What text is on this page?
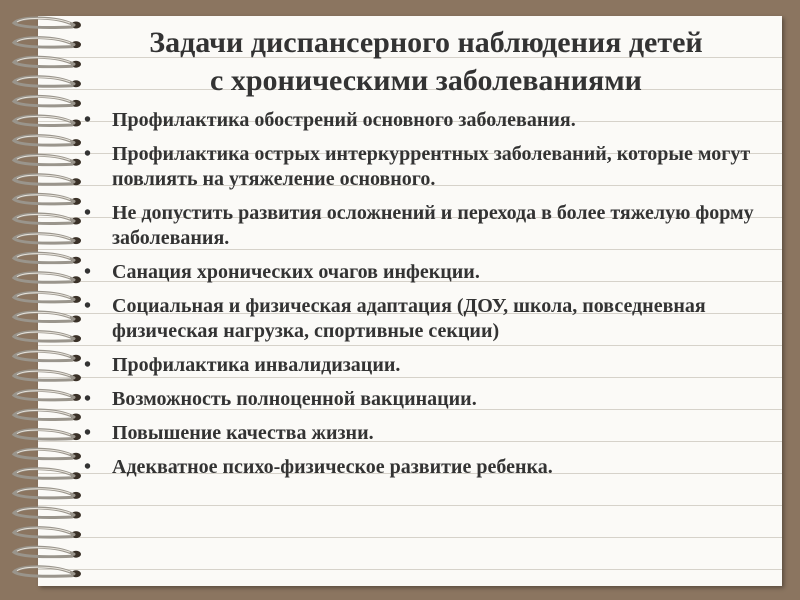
Задачи диспансерного наблюдения детей
с хроническими заболеваниями
• Профилактика обострений основного заболевания.
• Профилактика острых интеркуррентных заболеваний, которые могут повлиять на утяжеление основного.
• Не допустить развития осложнений и перехода в более тяжелую форму заболевания.
• Санация хронических очагов инфекции.
• Социальная и физическая адаптация (ДОУ, школа, повседневная физическая нагрузка, спортивные секции)
• Профилактика инвалидизации.
• Возможность полноценной вакцинации.
• Повышение качества жизни.
• Адекватное психо-физическое развитие ребенка.
